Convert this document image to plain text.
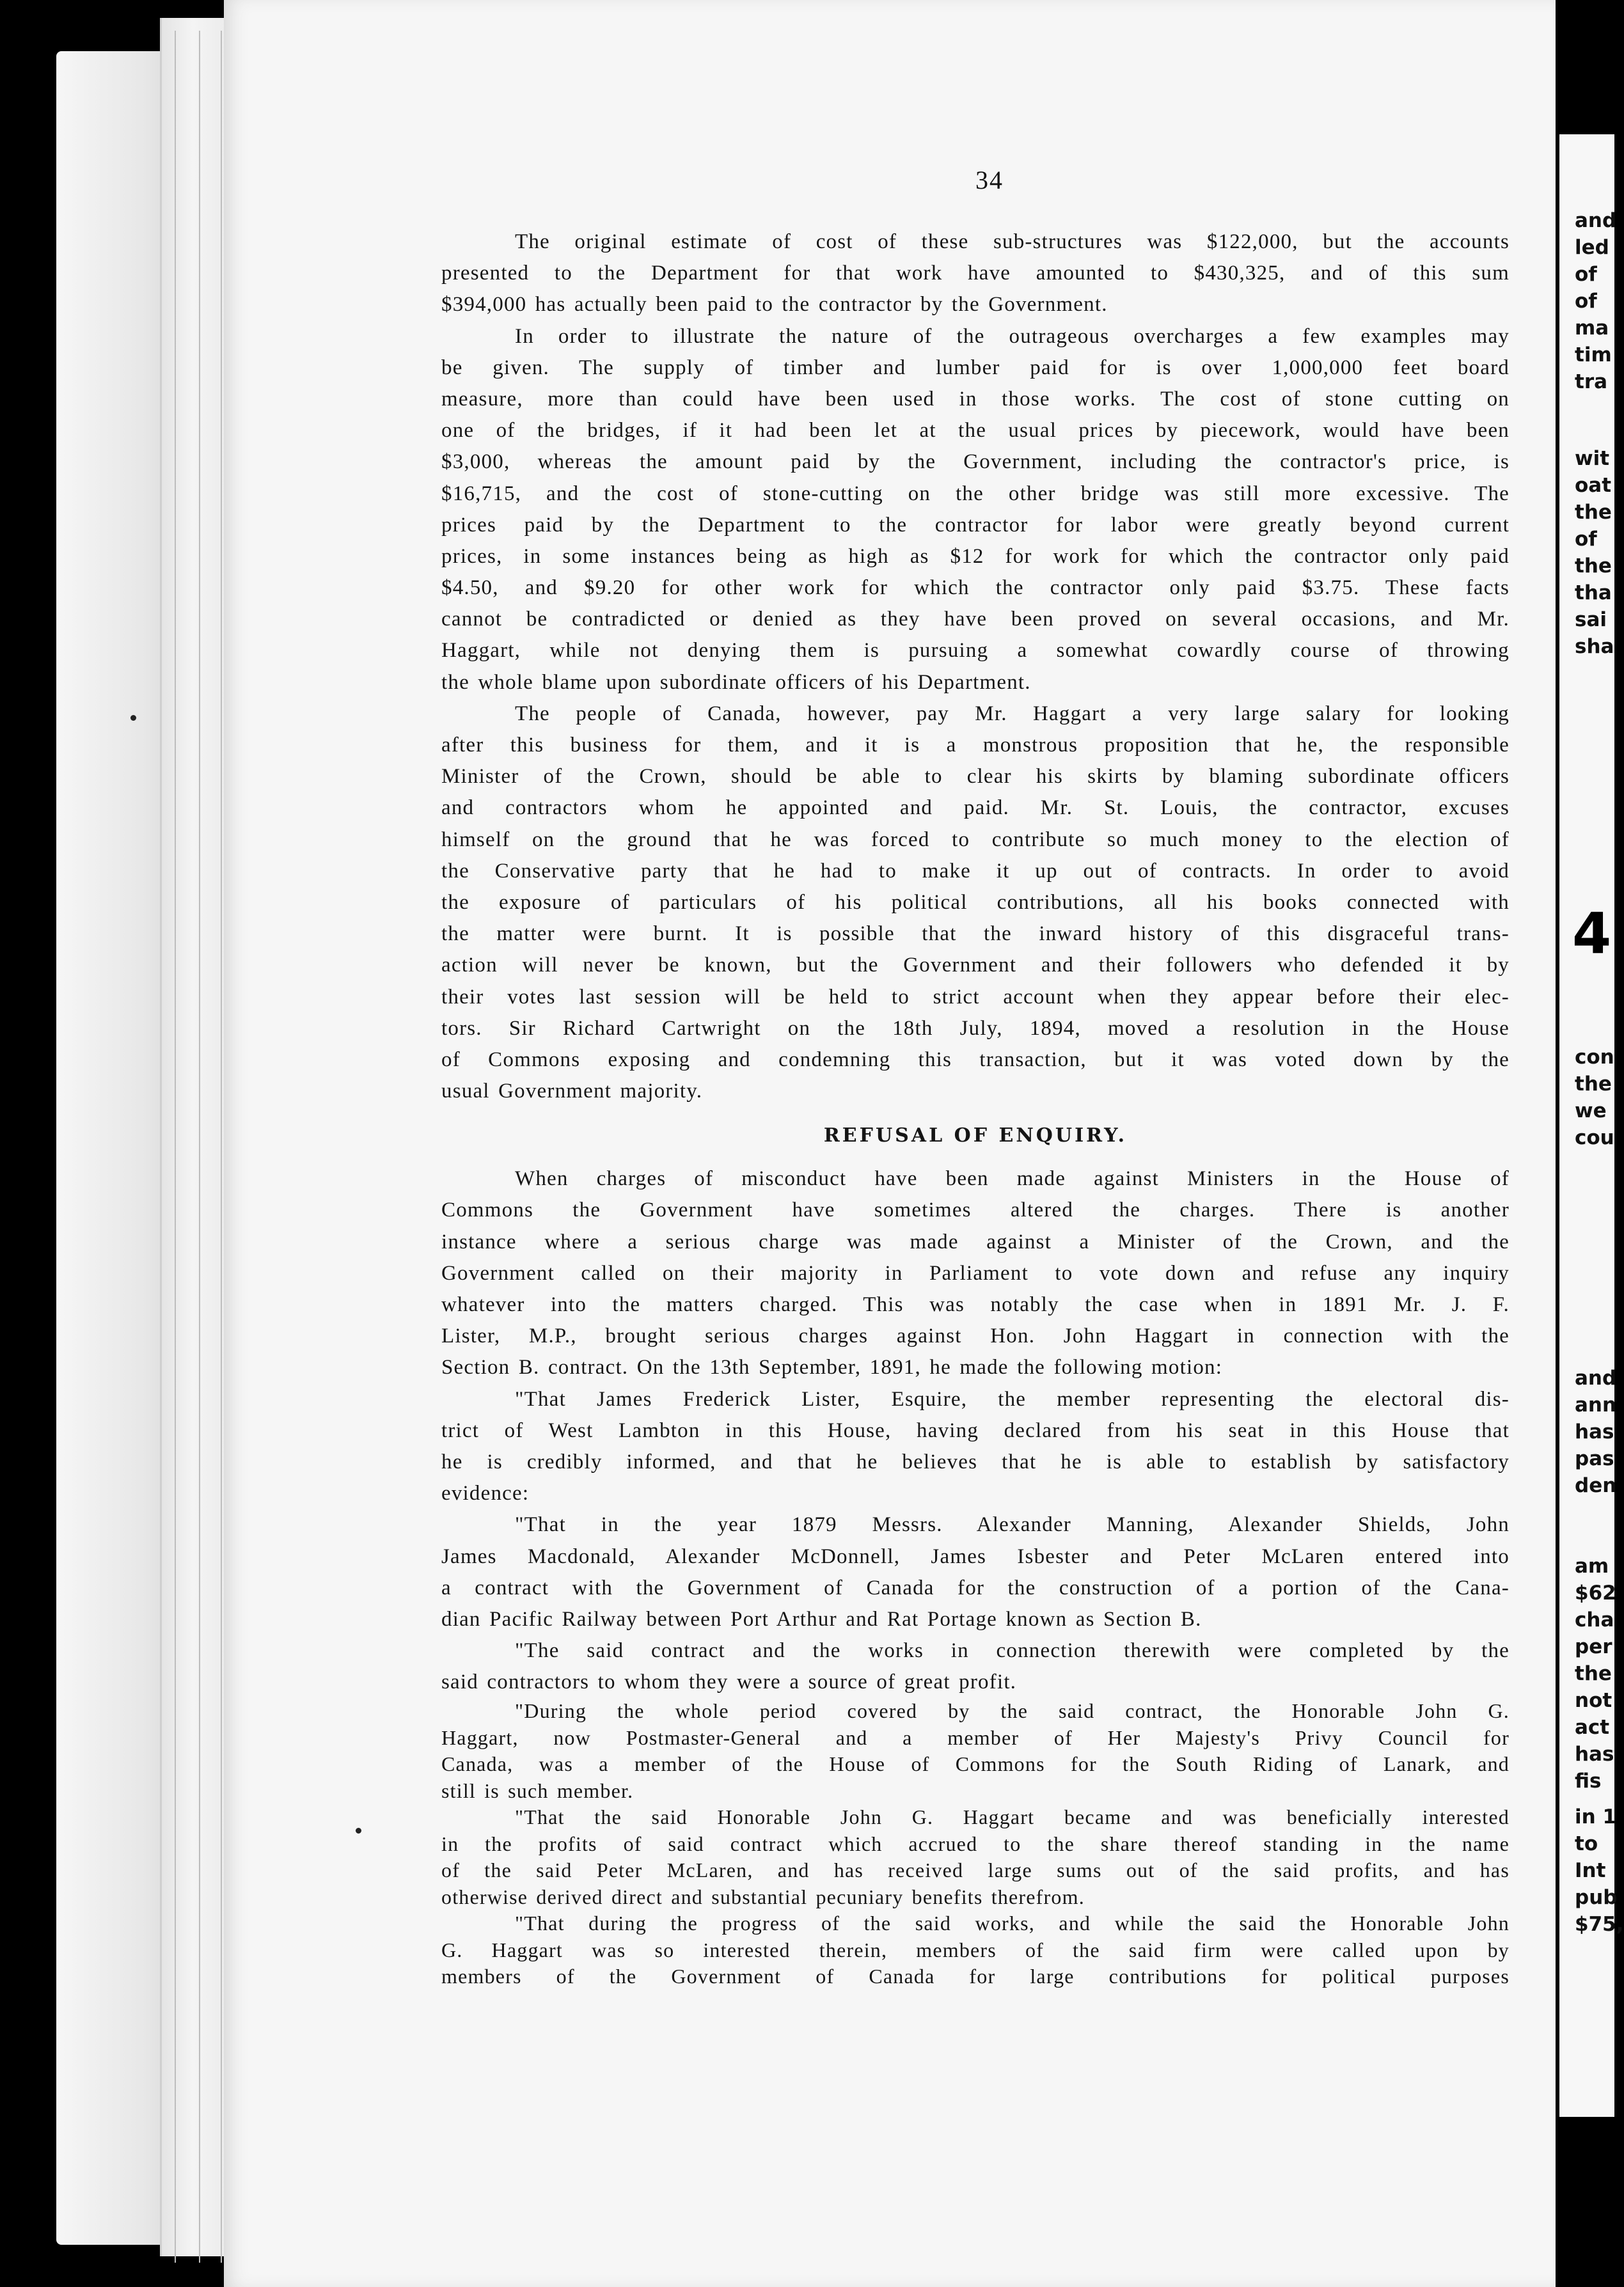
34

The original estimate of cost of these sub-structures was $122,000, but the accounts
presented to the Department for that work have amounted to $430,325, and of this sum
$394,000 has actually been paid to the contractor by the Government.
In order to illustrate the nature of the outrageous overcharges a few examples may
be given. The supply of timber and lumber paid for is over 1,000,000 feet board
measure, more than could have been used in those works. The cost of stone cutting on
one of the bridges, if it had been let at the usual prices by piecework, would have been
$3,000, whereas the amount paid by the Government, including the contractor's price, is
$16,715, and the cost of stone-cutting on the other bridge was still more excessive. The
prices paid by the Department to the contractor for labor were greatly beyond current
prices, in some instances being as high as $12 for work for which the contractor only paid
$4.50, and $9.20 for other work for which the contractor only paid $3.75. These facts
cannot be contradicted or denied as they have been proved on several occasions, and Mr.
Haggart, while not denying them is pursuing a somewhat cowardly course of throwing
the whole blame upon subordinate officers of his Department.
The people of Canada, however, pay Mr. Haggart a very large salary for looking
after this business for them, and it is a monstrous proposition that he, the responsible
Minister of the Crown, should be able to clear his skirts by blaming subordinate officers
and contractors whom he appointed and paid. Mr. St. Louis, the contractor, excuses
himself on the ground that he was forced to contribute so much money to the election of
the Conservative party that he had to make it up out of contracts. In order to avoid
the exposure of particulars of his political contributions, all his books connected with
the matter were burnt. It is possible that the inward history of this disgraceful trans-
action will never be known, but the Government and their followers who defended it by
their votes last session will be held to strict account when they appear before their elec-
tors. Sir Richard Cartwright on the 18th July, 1894, moved a resolution in the House
of Commons exposing and condemning this transaction, but it was voted down by the
usual Government majority.
REFUSAL OF ENQUIRY.
When charges of misconduct have been made against Ministers in the House of
Commons the Government have sometimes altered the charges. There is another
instance where a serious charge was made against a Minister of the Crown, and the
Government called on their majority in Parliament to vote down and refuse any inquiry
whatever into the matters charged. This was notably the case when in 1891 Mr. J. F.
Lister, M.P., brought serious charges against Hon. John Haggart in connection with the
Section B. contract. On the 13th September, 1891, he made the following motion:
"That James Frederick Lister, Esquire, the member representing the electoral dis-
trict of West Lambton in this House, having declared from his seat in this House that
he is credibly informed, and that he believes that he is able to establish by satisfactory
evidence:
"That in the year 1879 Messrs. Alexander Manning, Alexander Shields, John
James Macdonald, Alexander McDonnell, James Isbester and Peter McLaren entered into
a contract with the Government of Canada for the construction of a portion of the Cana-
dian Pacific Railway between Port Arthur and Rat Portage known as Section B.
"The said contract and the works in connection therewith were completed by the
said contractors to whom they were a source of great profit.
"During the whole period covered by the said contract, the Honorable John G.
Haggart, now Postmaster-General and a member of Her Majesty's Privy Council for
Canada, was a member of the House of Commons for the South Riding of Lanark, and
still is such member.
"That the said Honorable John G. Haggart became and was beneficially interested
in the profits of said contract which accrued to the share thereof standing in the name
of the said Peter McLaren, and has received large sums out of the said profits, and has
otherwise derived direct and substantial pecuniary benefits therefrom.
"That during the progress of the said works, and while the said the Honorable John
G. Haggart was so interested therein, members of the said firm were called upon by
members of the Government of Canada for large contributions for political purposes

and

led

of

of

ma

tim

tra

wit

oat

the

of

the

tha

sai

sha

4

con

the

we

cou

and

ann

has

pas

den

am

$62

cha

per

the

not

act

has

fis

in 1

to

Int

pub

$75,
